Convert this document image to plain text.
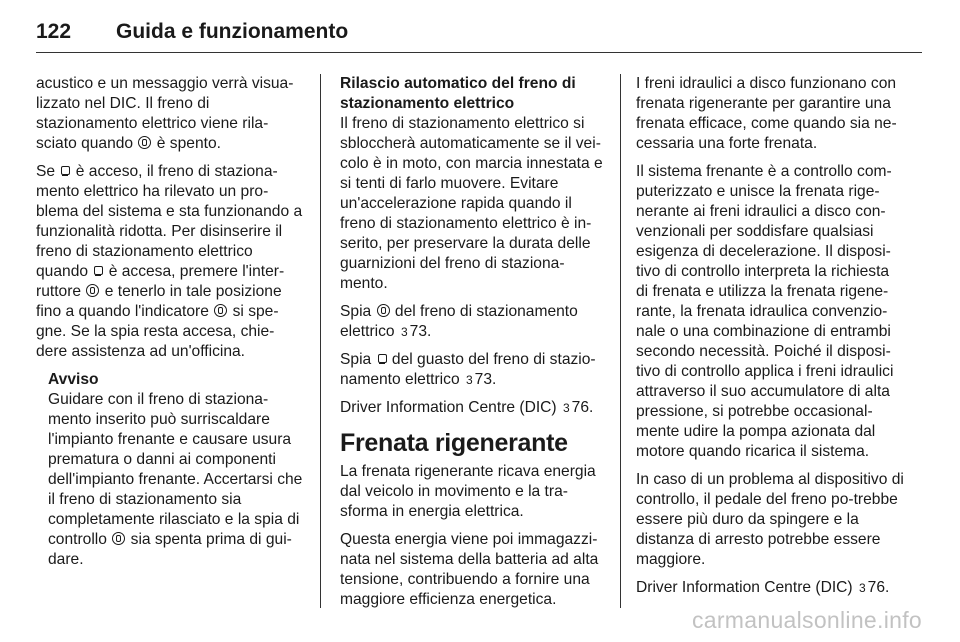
122	Guida e funzionamento

acustico e un messaggio verrà visua-lizzato nel DIC. Il freno di stazionamento elettrico viene rila-sciato quando è spento.

Se è acceso, il freno di staziona-mento elettrico ha rilevato un pro-blema del sistema e sta funzionando a funzionalità ridotta. Per disinserire il freno di stazionamento elettrico quando è accesa, premere l'inter-ruttore e tenerlo in tale posizione fino a quando l'indicatore si spe-gne. Se la spia resta accesa, chie-dere assistenza ad un'officina.

Avviso

Guidare con il freno di staziona-mento inserito può surriscaldare l'impianto frenante e causare usura prematura o danni ai componenti dell'impianto frenante. Accertarsi che il freno di stazionamento sia completamente rilasciato e la spia di controllo sia spenta prima di gui-dare.

Rilascio automatico del freno di stazionamento elettrico

Il freno di stazionamento elettrico si sbloccherà automaticamente se il vei-colo è in moto, con marcia innestata e si tenti di farlo muovere. Evitare un'accelerazione rapida quando il freno di stazionamento elettrico è in-serito, per preservare la durata delle guarnizioni del freno di staziona-mento.

Spia del freno di stazionamento elettrico 3 73.

Spia del guasto del freno di stazio-namento elettrico 3 73.

Driver Information Centre (DIC) 3 76.

Frenata rigenerante

La frenata rigenerante ricava energia dal veicolo in movimento e la tra-sforma in energia elettrica.

Questa energia viene poi immagazzi-nata nel sistema della batteria ad alta tensione, contribuendo a fornire una maggiore efficienza energetica.

I freni idraulici a disco funzionano con frenata rigenerante per garantire una frenata efficace, come quando sia ne-cessaria una forte frenata.

Il sistema frenante è a controllo com-puterizzato e unisce la frenata rige-nerante ai freni idraulici a disco con-venzionali per soddisfare qualsiasi esigenza di decelerazione. Il disposi-tivo di controllo interpreta la richiesta di frenata e utilizza la frenata rigene-rante, la frenata idraulica convenzio-nale o una combinazione di entrambi secondo necessità. Poiché il disposi-tivo di controllo applica i freni idraulici attraverso il suo accumulatore di alta pressione, si potrebbe occasional-mente udire la pompa azionata dal motore quando ricarica il sistema.

In caso di un problema al dispositivo di controllo, il pedale del freno po-trebbe essere più duro da spingere e la distanza di arresto potrebbe essere maggiore.

Driver Information Centre (DIC) 3 76.

carmanualsonline.info
